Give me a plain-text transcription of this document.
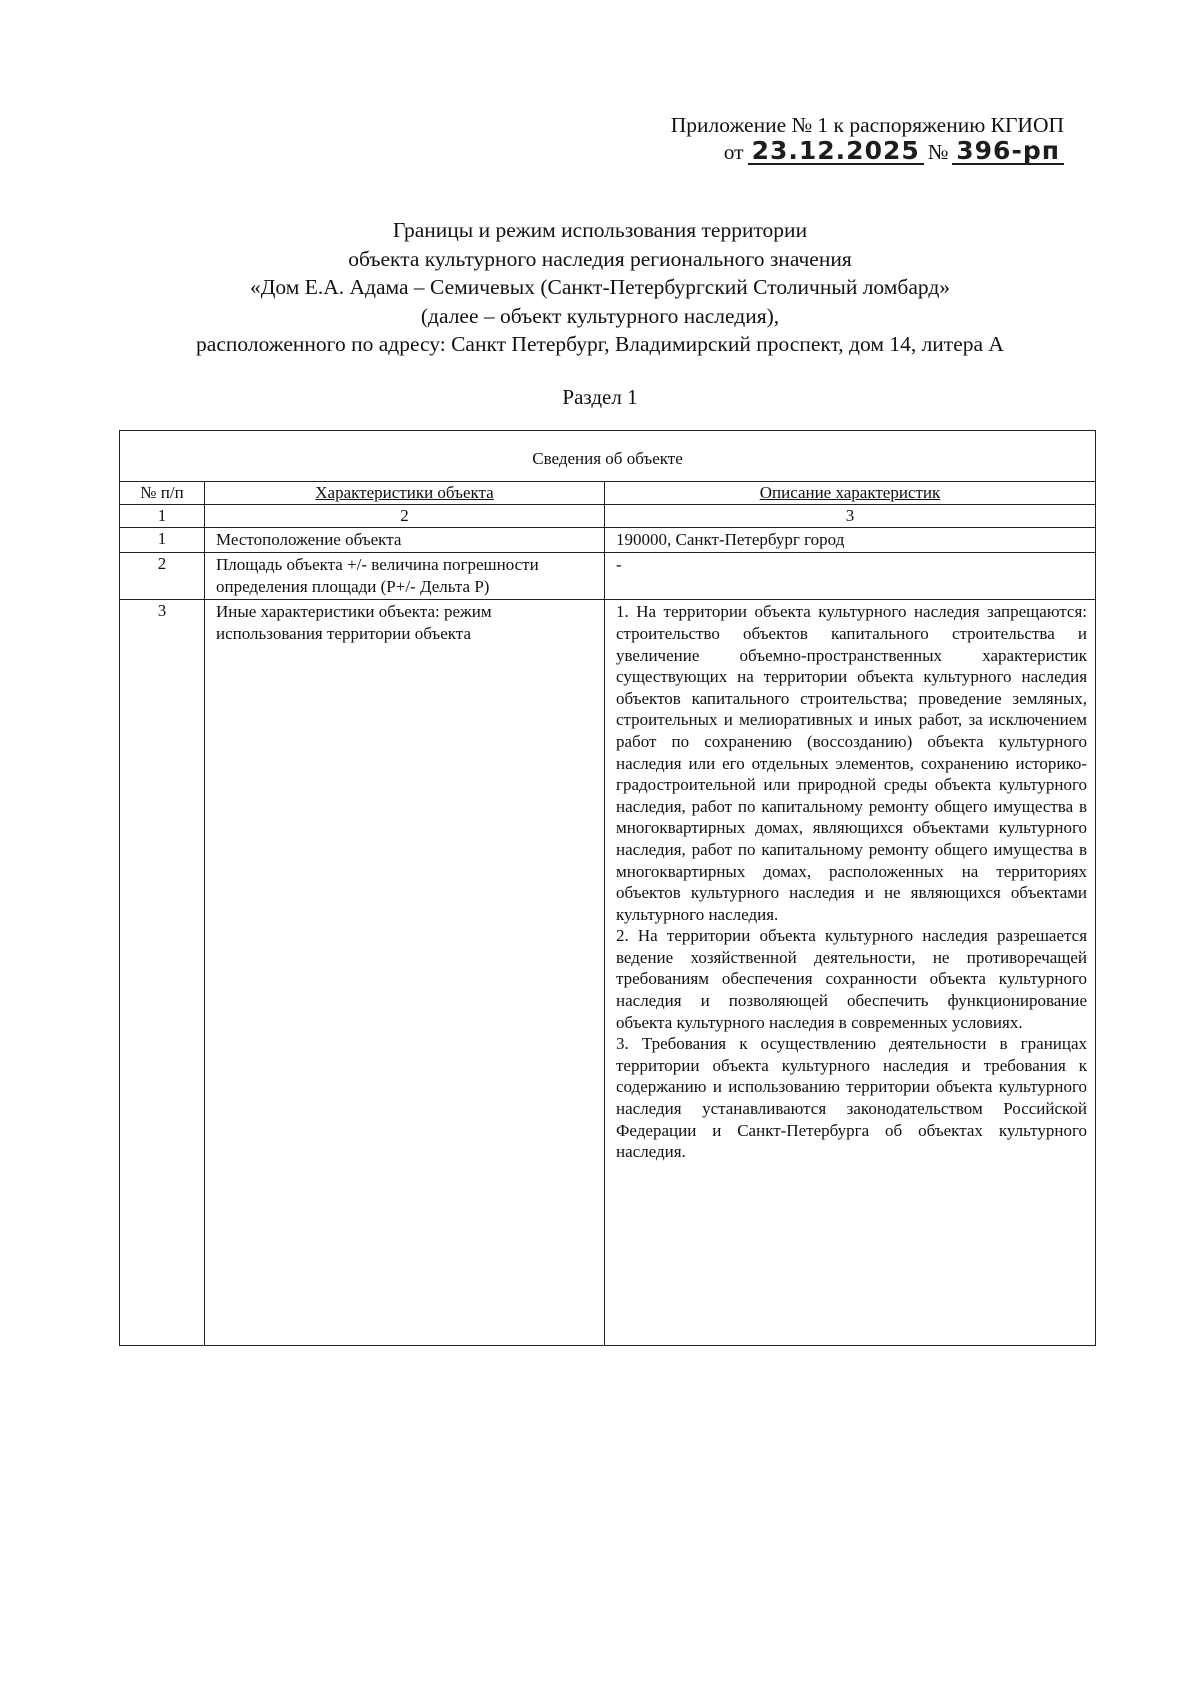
Приложение № 1 к распоряжению КГИОП
от 23.12.2025 № 396-рп
Границы и режим использования территории
объекта культурного наследия регионального значения
«Дом Е.А. Адама – Семичевых (Санкт-Петербургский Столичный ломбард»
(далее – объект культурного наследия),
расположенного по адресу: Санкт Петербург, Владимирский проспект, дом 14, литера А
Раздел 1
Сведения об объекте		
№ п/п	Характеристики объекта	Описание характеристик
1	2	3
1	Местоположение объекта	190000, Санкт-Петербург город
2	Площадь объекта +/- величина погрешности определения площади (Р+/- Дельта Р)	-
3	Иные характеристики объекта: режим использования территории объекта	1. На территории объекта культурного наследия запрещаются: строительство объектов капитального строительства и увеличение объемно-пространственных характеристик существующих на территории объекта культурного наследия объектов капитального строительства; проведение земляных, строительных и мелиоративных и иных работ, за исключением работ по сохранению (воссозданию) объекта культурного наследия или его отдельных элементов, сохранению историко-градостроительной или природной среды объекта культурного наследия, работ по капитальному ремонту общего имущества в многоквартирных домах, являющихся объектами культурного наследия, работ по капитальному ремонту общего имущества в многоквартирных домах, расположенных на территориях объектов культурного наследия и не являющихся объектами культурного наследия.

2. На территории объекта культурного наследия разрешается ведение хозяйственной деятельности, не противоречащей требованиям обеспечения сохранности объекта культурного наследия и позволяющей обеспечить функционирование объекта культурного наследия в современных условиях.

3. Требования к осуществлению деятельности в границах территории объекта культурного наследия и требования к содержанию и использованию территории объекта культурного наследия устанавливаются законодательством Российской Федерации и Санкт-Петербурга об объектах культурного наследия.
